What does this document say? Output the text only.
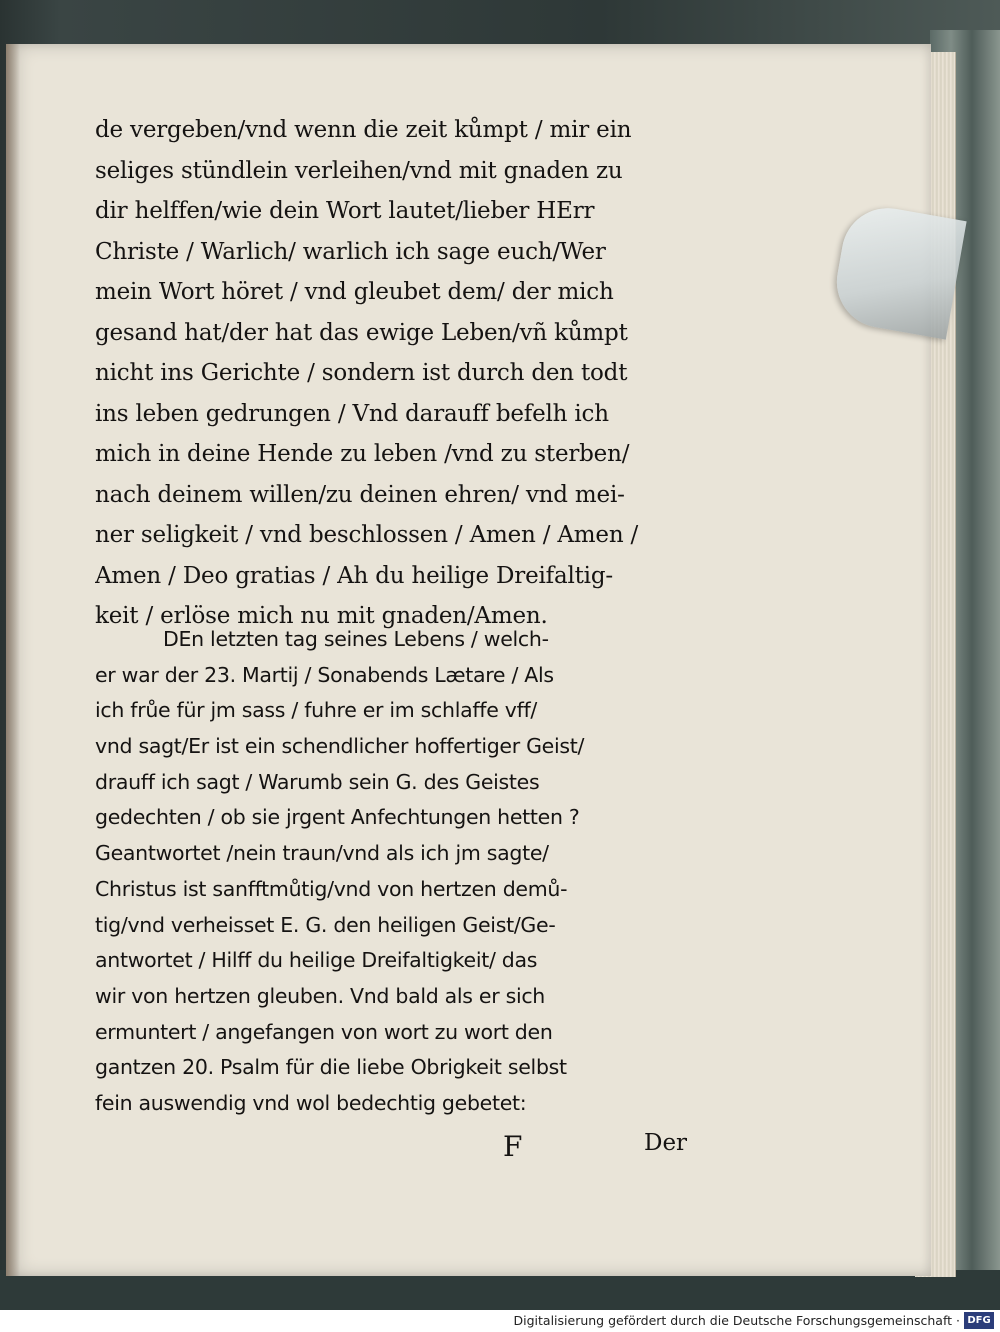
de vergeben/vnd wenn die zeit kůmpt / mir ein
seliges stündlein verleihen/vnd mit gnaden zu
dir helffen/wie dein Wort lautet/lieber HErr
Christe / Warlich/ warlich ich sage euch/Wer
mein Wort höret / vnd gleubet dem/ der mich
gesand hat/der hat das ewige Leben/vñ kůmpt
nicht ins Gerichte / sondern ist durch den todt
ins leben gedrungen / Vnd darauff befelh ich
mich in deine Hende zu leben /vnd zu sterben/
nach deinem willen/zu deinen ehren/ vnd mei-
ner seligkeit / vnd beschlossen / Amen / Amen /
Amen / Deo gratias / Ah du heilige Dreifaltig-
keit / erlöse mich nu mit gnaden/Amen.
DEn letzten tag seines Lebens / welch-
er war der 23. Martij / Sonabends Lætare / Als
ich frůe für jm sass / fuhre er im schlaffe vff/
vnd sagt/Er ist ein schendlicher hoffertiger Geist/
drauff ich sagt / Warumb sein G. des Geistes
gedechten / ob sie jrgent Anfechtungen hetten ?
Geantwortet /nein traun/vnd als ich jm sagte/
Christus ist sanfftmůtig/vnd von hertzen demů-
tig/vnd verheisset E. G. den heiligen Geist/Ge-
antwortet / Hilff du heilige Dreifaltigkeit/ das
wir von hertzen gleuben. Vnd bald als er sich
ermuntert / angefangen von wort zu wort den
gantzen 20. Psalm für die liebe Obrigkeit selbst
fein auswendig vnd wol bedechtig gebetet:
F	Der
Digitalisierung gefördert durch die Deutsche Forschungsgemeinschaft · DFG
